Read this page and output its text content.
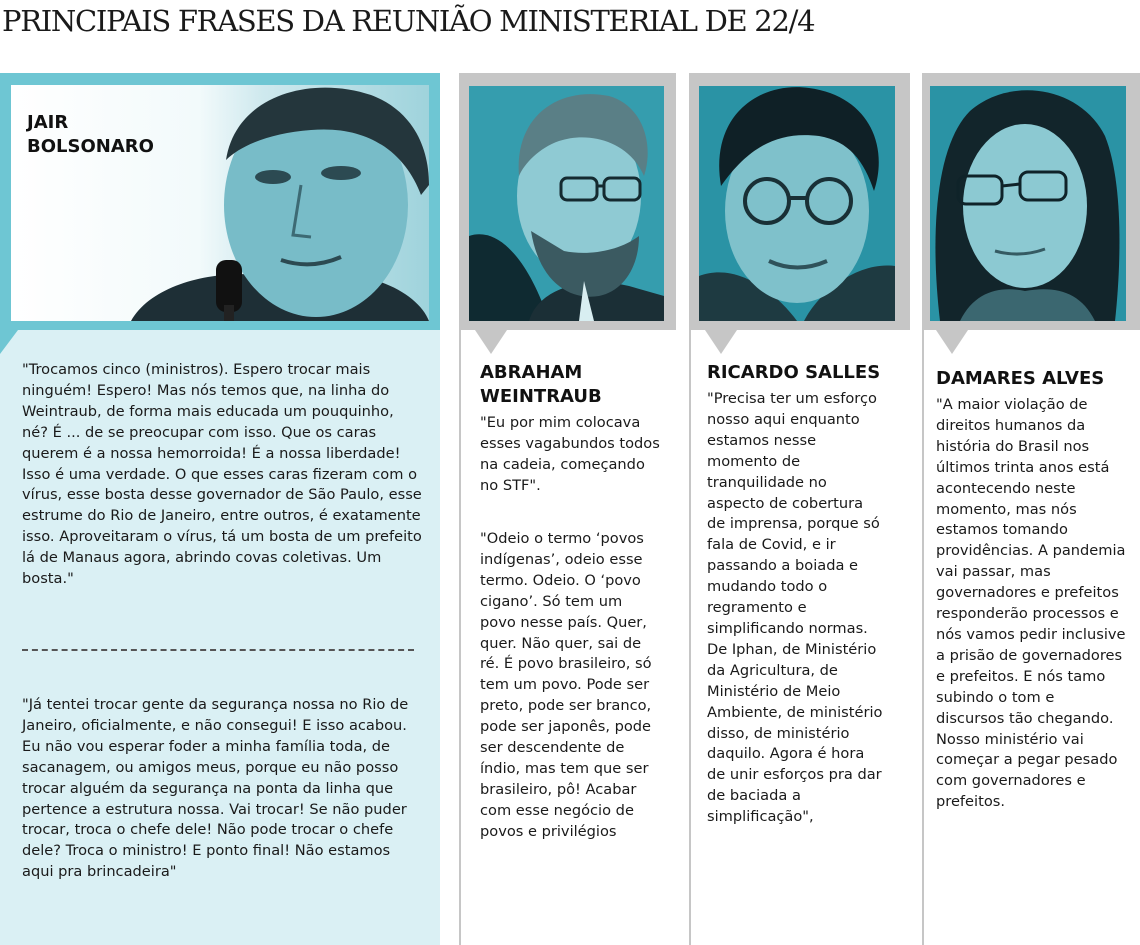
PRINCIPAIS FRASES DA REUNIÃO MINISTERIAL DE 22/4
JAIR
BOLSONARO

"Trocamos cinco (ministros). Espero trocar mais ninguém! Espero! Mas nós temos que, na linha do Weintraub, de forma mais educada um pouquinho, né? É ... de se preocupar com isso. Que os caras querem é a nossa hemorroida! É a nossa liberdade! Isso é uma verdade. O que esses caras fizeram com o vírus, esse bosta desse governador de São Paulo, esse estrume do Rio de Janeiro, entre outros, é exatamente isso. Aproveitaram o vírus, tá um bosta de um prefeito lá de Manaus agora, abrindo covas coletivas. Um bosta."

"Já tentei trocar gente da segurança nossa no Rio de Janeiro, oficialmente, e não consegui! E isso acabou. Eu não vou esperar foder a minha família toda, de sacanagem, ou amigos meus, porque eu não posso trocar alguém da segurança na ponta da linha que pertence a estrutura nossa. Vai trocar! Se não puder trocar, troca o chefe dele! Não pode trocar o chefe dele? Troca o ministro! E ponto final! Não estamos aqui pra brincadeira"

ABRAHAM
WEINTRAUB

"Eu por mim colocava esses vagabundos todos na cadeia, começando no STF".

"Odeio o termo ‘povos indígenas’, odeio esse termo. Odeio. O ‘povo cigano’. Só tem um povo nesse país. Quer, quer. Não quer, sai de ré. É povo brasileiro, só tem um povo. Pode ser preto, pode ser branco, pode ser japonês, pode ser descendente de índio, mas tem que ser brasileiro, pô! Acabar com esse negócio de povos e privilégios

RICARDO SALLES

"Precisa ter um esforço nosso aqui enquanto estamos nesse momento de tranquilidade no aspecto de cobertura de imprensa, porque só fala de Covid, e ir passando a boiada e mudando todo o regramento e simplificando normas. De Iphan, de Ministério da Agricultura, de Ministério de Meio Ambiente, de ministério disso, de ministério daquilo. Agora é hora de unir esforços pra dar de baciada a simplificação",

DAMARES ALVES

"A maior violação de direitos humanos da história do Brasil nos últimos trinta anos está acontecendo neste momento, mas nós estamos tomando providências. A pandemia vai passar, mas governadores e prefeitos responderão processos e nós vamos pedir inclusive a prisão de governadores e prefeitos. E nós tamo subindo o tom e discursos tão chegando. Nosso ministério vai começar a pegar pesado com governadores e prefeitos.
